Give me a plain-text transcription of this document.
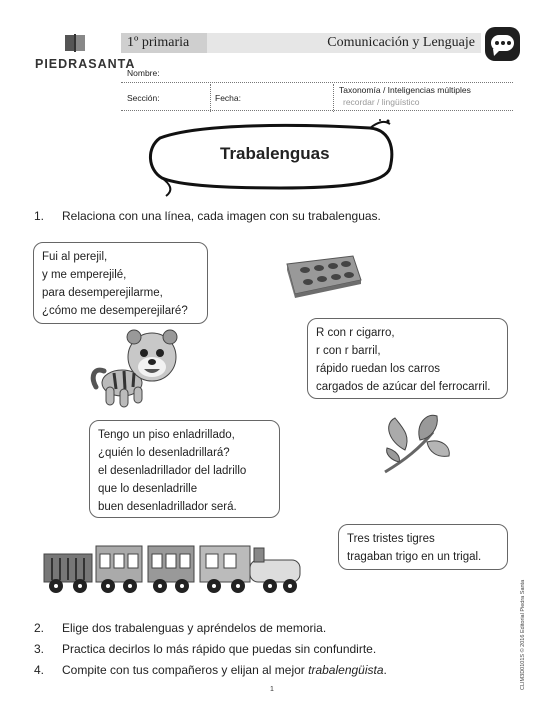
PIEDRASANTA
1º primaria	Comunicación y Lenguaje
Nombre:
Sección:	Fecha:
Taxonomía / Inteligencias múltiples
recordar / lingüístico
Trabalenguas
1. Relaciona con una línea, cada imagen con su trabalenguas.
Fui al perejil,
y me emperejilé,
para desemperejilarme,
¿cómo me desemperejilaré?
R con r cigarro,
r con r barril,
rápido ruedan los carros
cargados de azúcar del ferrocarril.
Tengo un piso enladrillado,
¿quién lo desenladrillará?
el desenladrillador del ladrillo
que lo desenladrille
buen desenladrillador será.
Tres tristes tigres
tragaban trigo en un trigal.
2. Elige dos trabalenguas y apréndelos de memoria.
3. Practica decirlos lo más rápido que puedas sin confundirte.
4. Compite con tus compañeros y elijan al mejor trabalengüista.
1	CLIM3D0101S © 2016 Editorial Piedra Santa
